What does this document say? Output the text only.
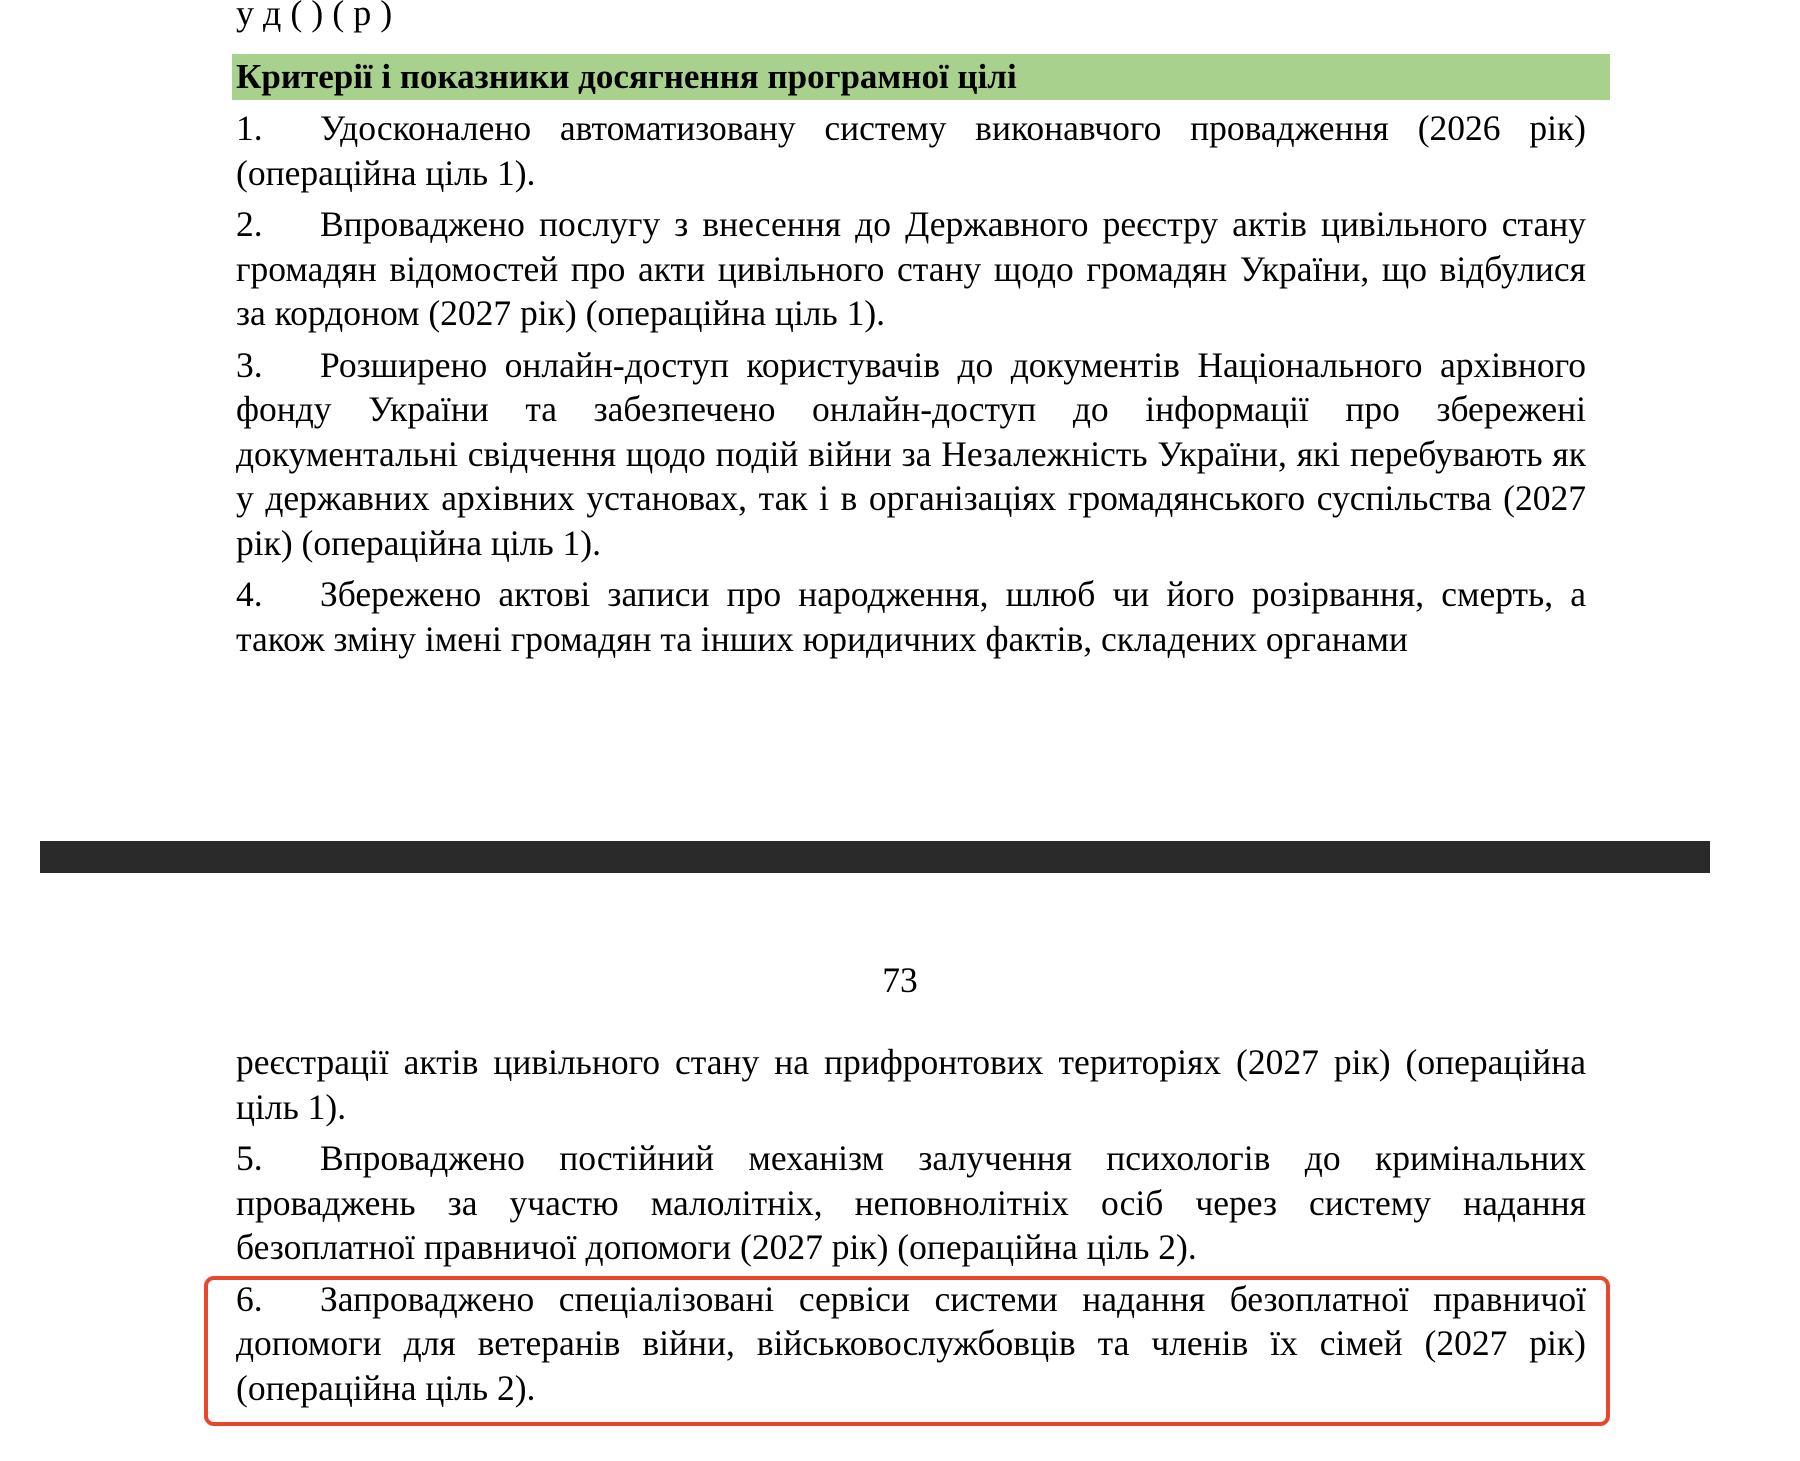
у д ( ) ( р )
Критерії і показники досягнення програмної цілі

1. Удосконалено автоматизовану систему виконавчого провадження (2026 рік) (операційна ціль 1).

2. Впроваджено послугу з внесення до Державного реєстру актів цивільного стану громадян відомостей про акти цивільного стану щодо громадян України, що відбулися за кордоном (2027 рік) (операційна ціль 1).

3. Розширено онлайн-доступ користувачів до документів Національного архівного фонду України та забезпечено онлайн-доступ до інформації про збережені документальні свідчення щодо подій війни за Незалежність України, які перебувають як у державних архівних установах, так і в організаціях громадянського суспільства (2027 рік) (операційна ціль 1).

4. Збережено актові записи про народження, шлюб чи його розірвання, смерть, а також зміну імені громадян та інших юридичних фактів, складених органами

73

реєстрації актів цивільного стану на прифронтових територіях (2027 рік) (операційна ціль 1).

5. Впроваджено постійний механізм залучення психологів до кримінальних проваджень за участю малолітніх, неповнолітніх осіб через систему надання безоплатної правничої допомоги (2027 рік) (операційна ціль 2).

6. Запроваджено спеціалізовані сервіси системи надання безоплатної правничої допомоги для ветеранів війни, військовослужбовців та членів їх сімей (2027 рік) (операційна ціль 2).
